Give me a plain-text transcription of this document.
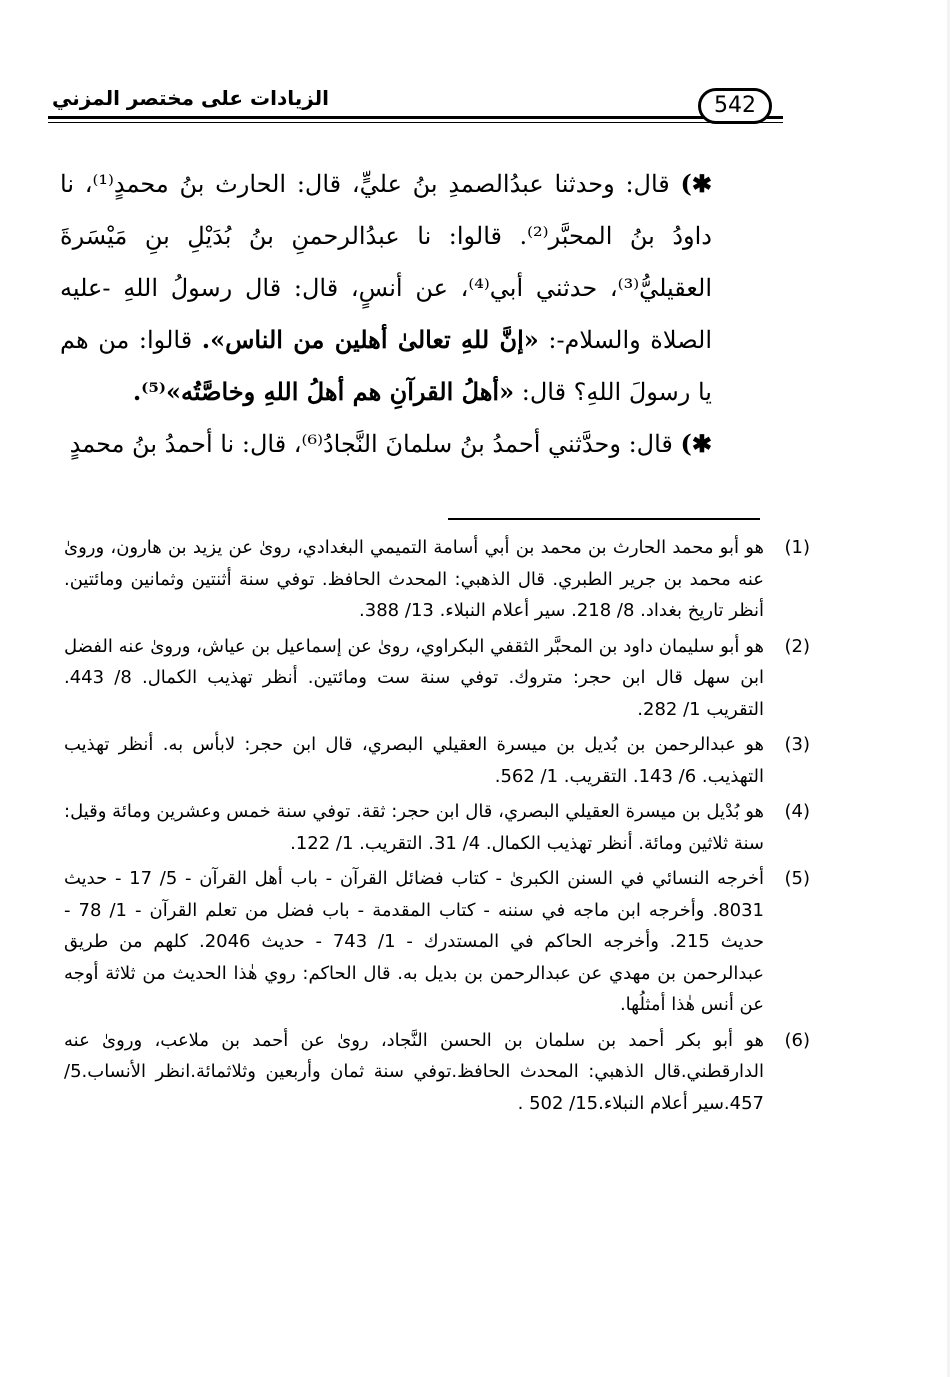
542
الزيادات على مختصر المزني

✱) قال: وحدثنا عبدُالصمدِ بنُ عليٍّ، قال: الحارث بنُ محمدٍ⁽¹⁾، نا داودُ بنُ المحبَّر⁽²⁾. قالوا: نا عبدُالرحمنِ بنُ بُدَيْلِ بنِ مَيْسَرةَ العقيليُّ⁽³⁾، حدثني أبي⁽⁴⁾، عن أنسٍ، قال: قال رسولُ اللهِ -عليه الصلاة والسلام-: «إنَّ للهِ تعالىٰ أهلين من الناس». قالوا: من هم يا رسولَ اللهِ؟ قال: «أهلُ القرآنِ هم أهلُ اللهِ وخاصَّتُه»⁽⁵⁾.

✱) قال: وحدَّثني أحمدُ بنُ سلمانَ النَّجادُ⁽⁶⁾، قال: نا أحمدُ بنُ محمدٍ

(1)
هو أبو محمد الحارث بن محمد بن أبي أسامة التميمي البغدادي، روىٰ عن يزيد بن هارون، وروىٰ عنه محمد بن جرير الطبري. قال الذهبي: المحدث الحافظ. توفي سنة أثنتين وثمانين ومائتين. أنظر تاريخ بغداد. 8/ 218. سير أعلام النبلاء. 13/ 388.
(2)
هو أبو سليمان داود بن المحبَّر الثقفي البكراوي، روىٰ عن إسماعيل بن عياش، وروىٰ عنه الفضل ابن سهل قال ابن حجر: متروك. توفي سنة ست ومائتين. أنظر تهذيب الكمال. 8/ 443. التقريب 1/ 282.
(3)
هو عبدالرحمن بن بُديل بن ميسرة العقيلي البصري، قال ابن حجر: لابأس به. أنظر تهذيب التهذيب. 6/ 143. التقريب. 1/ 562.
(4)
هو بُدْيل بن ميسرة العقيلي البصري، قال ابن حجر: ثقة. توفي سنة خمس وعشرين ومائة وقيل: سنة ثلاثين ومائة. أنظر تهذيب الكمال. 4/ 31. التقريب. 1/ 122.
(5)
أخرجه النسائي في السنن الكبرىٰ - كتاب فضائل القرآن - باب أهل القرآن - 5/ 17 - حديث 8031. وأخرجه ابن ماجه في سننه - كتاب المقدمة - باب فضل من تعلم القرآن - 1/ 78 - حديث 215. وأخرجه الحاكم في المستدرك - 1/ 743 - حديث 2046. كلهم من طريق عبدالرحمن بن مهدي عن عبدالرحمن بن بديل به. قال الحاكم: روي هٰذا الحديث من ثلاثة أوجه عن أنس هٰذا أمثلُها.
(6)
هو أبو بكر أحمد بن سلمان بن الحسن النَّجاد، روىٰ عن أحمد بن ملاعب، وروىٰ عنه الدارقطني.قال الذهبي: المحدث الحافظ.توفي سنة ثمان وأربعين وثلاثمائة.انظر الأنساب.5/ 457.سير أعلام النبلاء.15/ 502 .
